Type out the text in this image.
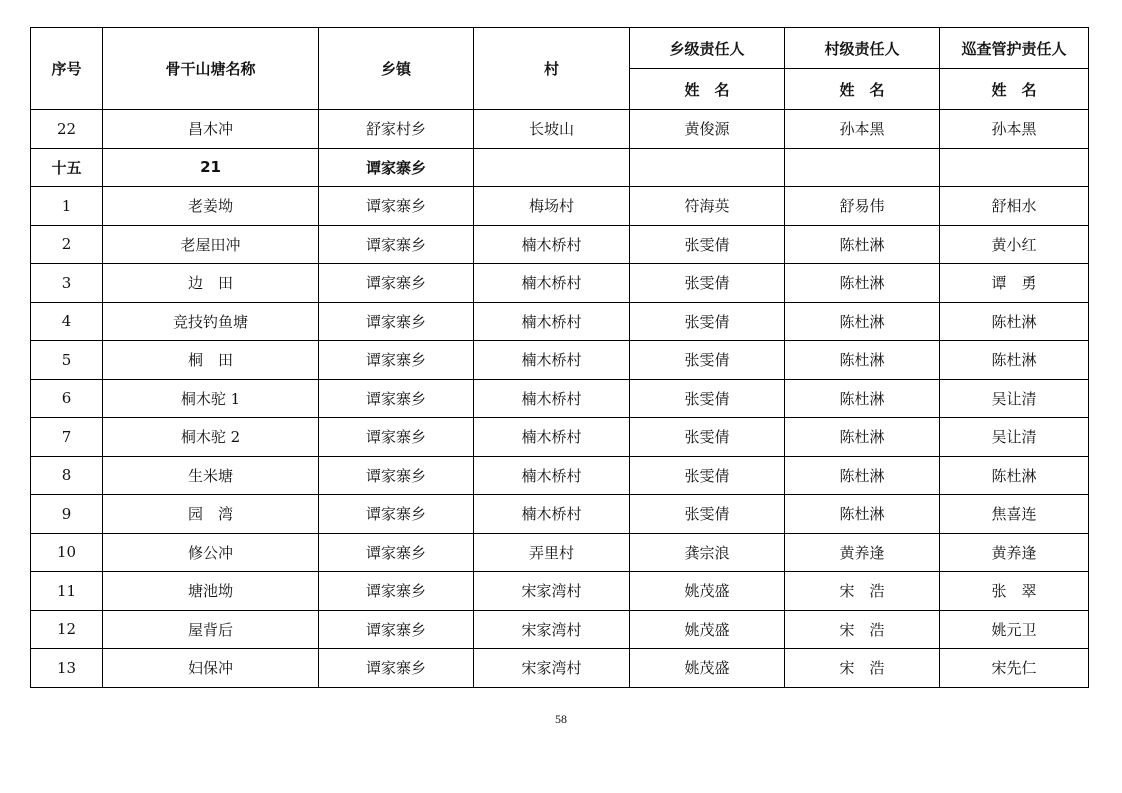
序号	骨干山塘名称	乡镇	村	乡级责任人	村级责任人	巡查管护责任人
				姓　名	姓　名	姓　名
22	昌木冲	舒家村乡	长坡山	黄俊源	孙本黑	孙本黑
十五	21	谭家寨乡				
1	老姜坳	谭家寨乡	梅场村	符海英	舒易伟	舒相水
2	老屋田冲	谭家寨乡	楠木桥村	张雯倩	陈杜淋	黄小红
3	边　田	谭家寨乡	楠木桥村	张雯倩	陈杜淋	谭　勇
4	竞技钓鱼塘	谭家寨乡	楠木桥村	张雯倩	陈杜淋	陈杜淋
5	桐　田	谭家寨乡	楠木桥村	张雯倩	陈杜淋	陈杜淋
6	桐木驼 1	谭家寨乡	楠木桥村	张雯倩	陈杜淋	吴让清
7	桐木驼 2	谭家寨乡	楠木桥村	张雯倩	陈杜淋	吴让清
8	生米塘	谭家寨乡	楠木桥村	张雯倩	陈杜淋	陈杜淋
9	园　湾	谭家寨乡	楠木桥村	张雯倩	陈杜淋	焦喜连
10	修公冲	谭家寨乡	弄里村	龚宗浪	黄养逢	黄养逢
11	塘池坳	谭家寨乡	宋家湾村	姚茂盛	宋　浩	张　翠
12	屋背后	谭家寨乡	宋家湾村	姚茂盛	宋　浩	姚元卫
13	妇保冲	谭家寨乡	宋家湾村	姚茂盛	宋　浩	宋先仁
58
